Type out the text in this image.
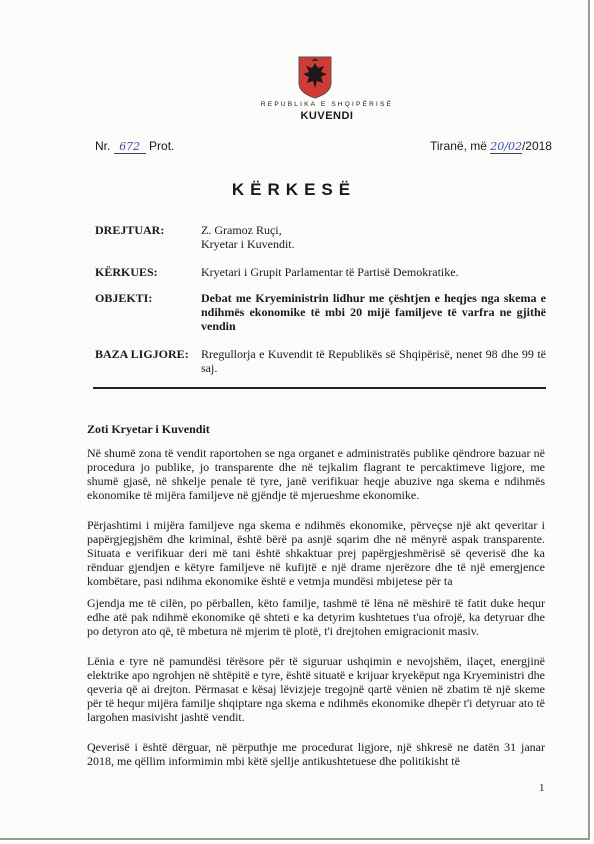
REPUBLIKA E SHQIPËRISË
KUVENDI
Nr. 672 Prot.	Tiranë, më 20/02/2018
KËRKESË
DREJTUAR:	Z. Gramoz Ruçi,
Kryetar i Kuvendit.
KËRKUES:	Kryetari i Grupit Parlamentar të Partisë Demokratike.
OBJEKTI:	Debat me Kryeministrin lidhur me çështjen e heqjes nga skema e ndihmës ekonomike të mbi 20 mijë familjeve të varfra ne gjithë vendin
BAZA LIGJORE: Rregullorja e Kuvendit të Republikës së Shqipërisë, nenet 98 dhe 99 të saj.
Zoti Kryetar i Kuvendit
Në shumë zona të vendit raportohen se nga organet e administratës publike qëndrore bazuar në procedura jo publike, jo transparente dhe në tejkalim flagrant te percaktimeve ligjore, me shumë gjasë, në shkelje penale të tyre, janë verifikuar heqje abuzive nga skema e ndihmës ekonomike të mijëra familjeve në gjëndje të mjerueshme ekonomike.
Përjashtimi i mijëra familjeve nga skema e ndihmës ekonomike, përveçse një akt qeveritar i papërgjegjshëm dhe kriminal, është bërë pa asnjë sqarim dhe në mënyrë aspak transparente. Situata e verifikuar deri më tani është shkaktuar prej papërgjeshmërisë së qeverisë dhe ka rënduar gjendjen e këtyre familjeve në kufijtë e një drame njerëzore dhe të një emergjence kombëtare, pasi ndihma ekonomike është e vetmja mundësi mbijetese për ta
Gjendja me të cilën, po përballen, këto familje, tashmë të lëna në mëshirë të fatit duke hequr edhe atë pak ndihmë ekonomike që shteti e ka detyrim kushtetues t'ua ofrojë, ka detyruar dhe po detyron ato që, të mbetura në mjerim të plotë, t'i drejtohen emigracionit masiv.
Lënia e tyre në pamundësi tërësore për të siguruar ushqimin e nevojshëm, ilaçet, energjinë elektrike apo ngrohjen në shtëpitë e tyre, është situatë e krijuar kryekëput nga Kryeministri dhe qeveria që ai drejton. Përmasat e kësaj lëvizjeje tregojnë qartë vënien në zbatim të një skeme për të hequr mijëra familje shqiptare nga skema e ndihmës ekonomike dhepër t'i detyruar ato të largohen masivisht jashtë vendit.
Qeverisë i është dërguar, në përputhje me procedurat ligjore, një shkresë ne datën 31 janar 2018, me qëllim informimin mbi këtë sjellje antikushtetuese dhe politikisht të
1
